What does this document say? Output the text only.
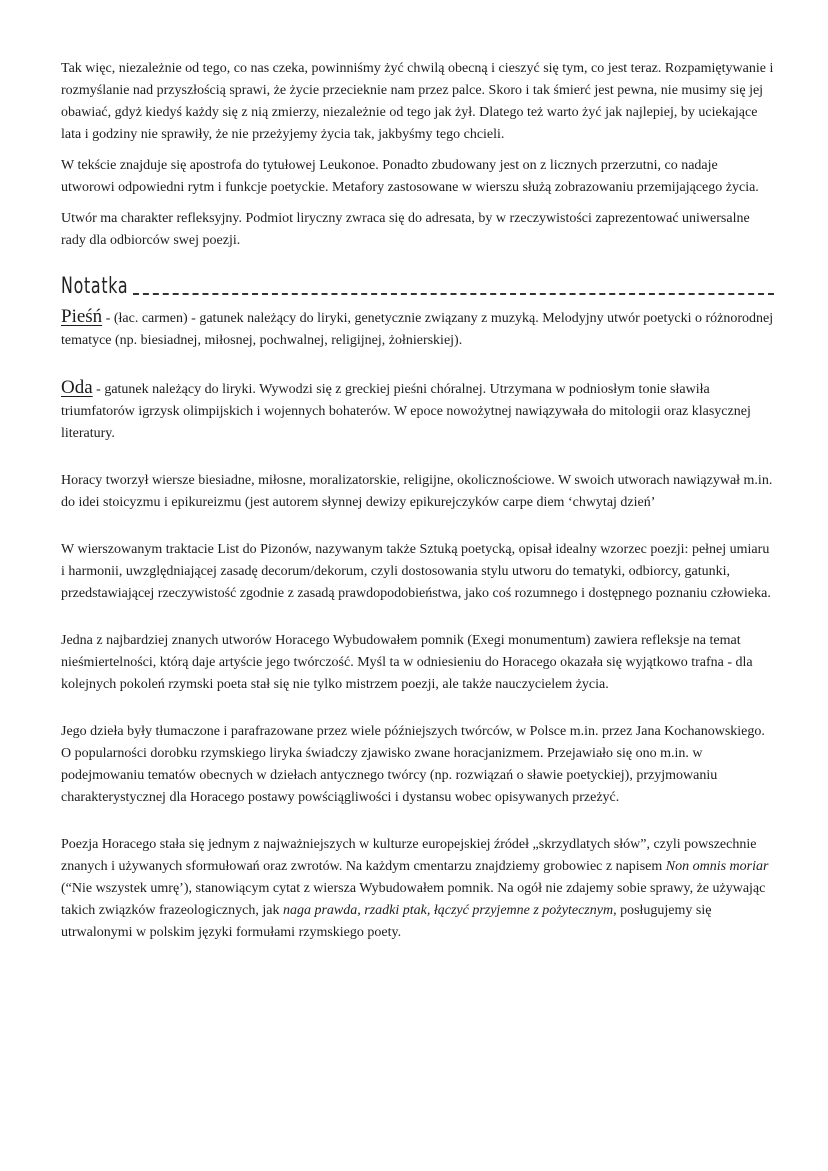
Tak więc, niezależnie od tego, co nas czeka, powinniśmy żyć chwilą obecną i cieszyć się tym, co jest teraz. Rozpamiętywanie i rozmyślanie nad przyszłością sprawi, że życie przecieknie nam przez palce. Skoro i tak śmierć jest pewna, nie musimy się jej obawiać, gdyż kiedyś każdy się z nią zmierzy, niezależnie od tego jak żył. Dlatego też warto żyć jak najlepiej, by uciekające lata i godziny nie sprawiły, że nie przeżyjemy życia tak, jakbyśmy tego chcieli.

W tekście znajduje się apostrofa do tytułowej Leukonoe. Ponadto zbudowany jest on z licznych przerzutni, co nadaje utworowi odpowiedni rytm i funkcje poetyckie. Metafory zastosowane w wierszu służą zobrazowaniu przemijającego życia.

Utwór ma charakter refleksyjny. Podmiot liryczny zwraca się do adresata, by w rzeczywistości zaprezentować uniwersalne rady dla odbiorców swej poezji.

Notatka

Pieśń - (łac. carmen) - gatunek należący do liryki, genetycznie związany z muzyką. Melodyjny utwór poetycki o różnorodnej tematyce (np. biesiadnej, miłosnej, pochwalnej, religijnej, żołnierskiej).

Oda - gatunek należący do liryki. Wywodzi się z greckiej pieśni chóralnej. Utrzymana w podniosłym tonie sławiła triumfatorów igrzysk olimpijskich i wojennych bohaterów. W epoce nowożytnej nawiązywała do mitologii oraz klasycznej literatury.

Horacy tworzył wiersze biesiadne, miłosne, moralizatorskie, religijne, okolicznościowe. W swoich utworach nawiązywał m.in. do idei stoicyzmu i epikureizmu (jest autorem słynnej dewizy epikurejczyków carpe diem ‘chwytaj dzień’

W wierszowanym traktacie List do Pizonów, nazywanym także Sztuką poetycką, opisał idealny wzorzec poezji: pełnej umiaru i harmonii, uwzględniającej zasadę decorum/dekorum, czyli dostosowania stylu utworu do tematyki, odbiorcy, gatunki, przedstawiającej rzeczywistość zgodnie z zasadą prawdopodobieństwa, jako coś rozumnego i dostępnego poznaniu człowieka.

Jedna z najbardziej znanych utworów Horacego Wybudowałem pomnik (Exegi monumentum) zawiera refleksje na temat nieśmiertelności, którą daje artyście jego twórczość. Myśl ta w odniesieniu do Horacego okazała się wyjątkowo trafna - dla kolejnych pokoleń rzymski poeta stał się nie tylko mistrzem poezji, ale także nauczycielem życia.

Jego dzieła były tłumaczone i parafrazowane przez wiele późniejszych twórców, w Polsce m.in. przez Jana Kochanowskiego. O popularności dorobku rzymskiego liryka świadczy zjawisko zwane horacjanizmem. Przejawiało się ono m.in. w podejmowaniu tematów obecnych w dziełach antycznego twórcy (np. rozwiązań o sławie poetyckiej), przyjmowaniu charakterystycznej dla Horacego postawy powściągliwości i dystansu wobec opisywanych przeżyć.

Poezja Horacego stała się jednym z najważniejszych w kulturze europejskiej źródeł „skrzydlatych słów”, czyli powszechnie znanych i używanych sformułowań oraz zwrotów. Na każdym cmentarzu znajdziemy grobowiec z napisem Non omnis moriar (“Nie wszystek umrę’), stanowiącym cytat z wiersza Wybudowałem pomnik. Na ogół nie zdajemy sobie sprawy, że używając takich związków frazeologicznych, jak naga prawda, rzadki ptak, łączyć przyjemne z pożytecznym, posługujemy się utrwalonymi w polskim języki formułami rzymskiego poety.
